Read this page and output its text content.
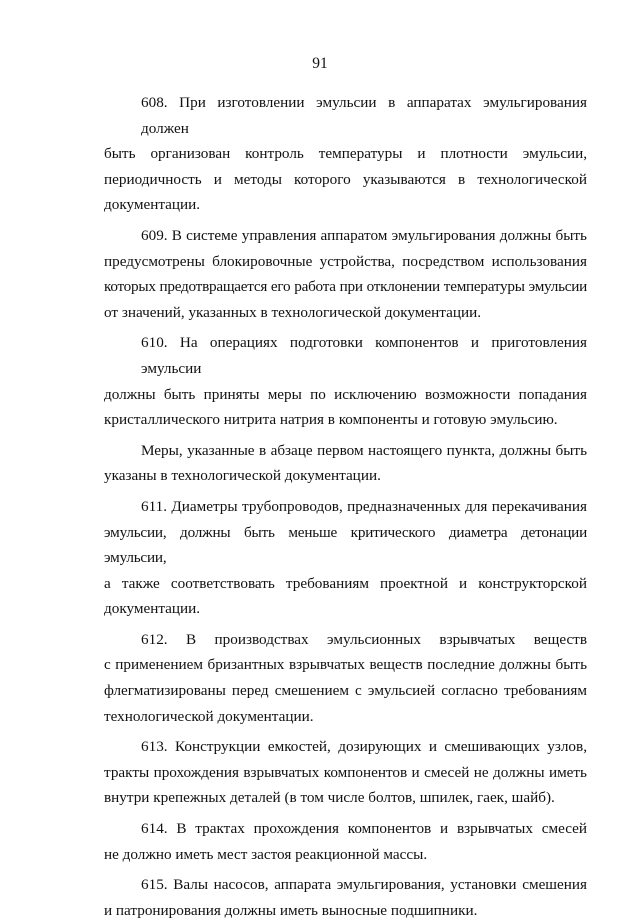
91
608. При изготовлении эмульсии в аппаратах эмульгирования должен
быть организован контроль температуры и плотности эмульсии,
периодичность и методы которого указываются в технологической
документации.
609. В системе управления аппаратом эмульгирования должны быть
предусмотрены блокировочные устройства, посредством использования
которых предотвращается его работа при отклонении температуры эмульсии
от значений, указанных в технологической документации.
610. На операциях подготовки компонентов и приготовления эмульсии
должны быть приняты меры по исключению возможности попадания
кристаллического нитрита натрия в компоненты и готовую эмульсию.
Меры, указанные в абзаце первом настоящего пункта, должны быть
указаны в технологической документации.
611. Диаметры трубопроводов, предназначенных для перекачивания
эмульсии, должны быть меньше критического диаметра детонации эмульсии,
а также соответствовать требованиям проектной и конструкторской
документации.
612. В производствах эмульсионных взрывчатых веществ
с применением бризантных взрывчатых веществ последние должны быть
флегматизированы перед смешением с эмульсией согласно требованиям
технологической документации.
613. Конструкции емкостей, дозирующих и смешивающих узлов,
тракты прохождения взрывчатых компонентов и смесей не должны иметь
внутри крепежных деталей (в том числе болтов, шпилек, гаек, шайб).
614. В трактах прохождения компонентов и взрывчатых смесей
не должно иметь мест застоя реакционной массы.
615. Валы насосов, аппарата эмульгирования, установки смешения
и патронирования должны иметь выносные подшипники.
